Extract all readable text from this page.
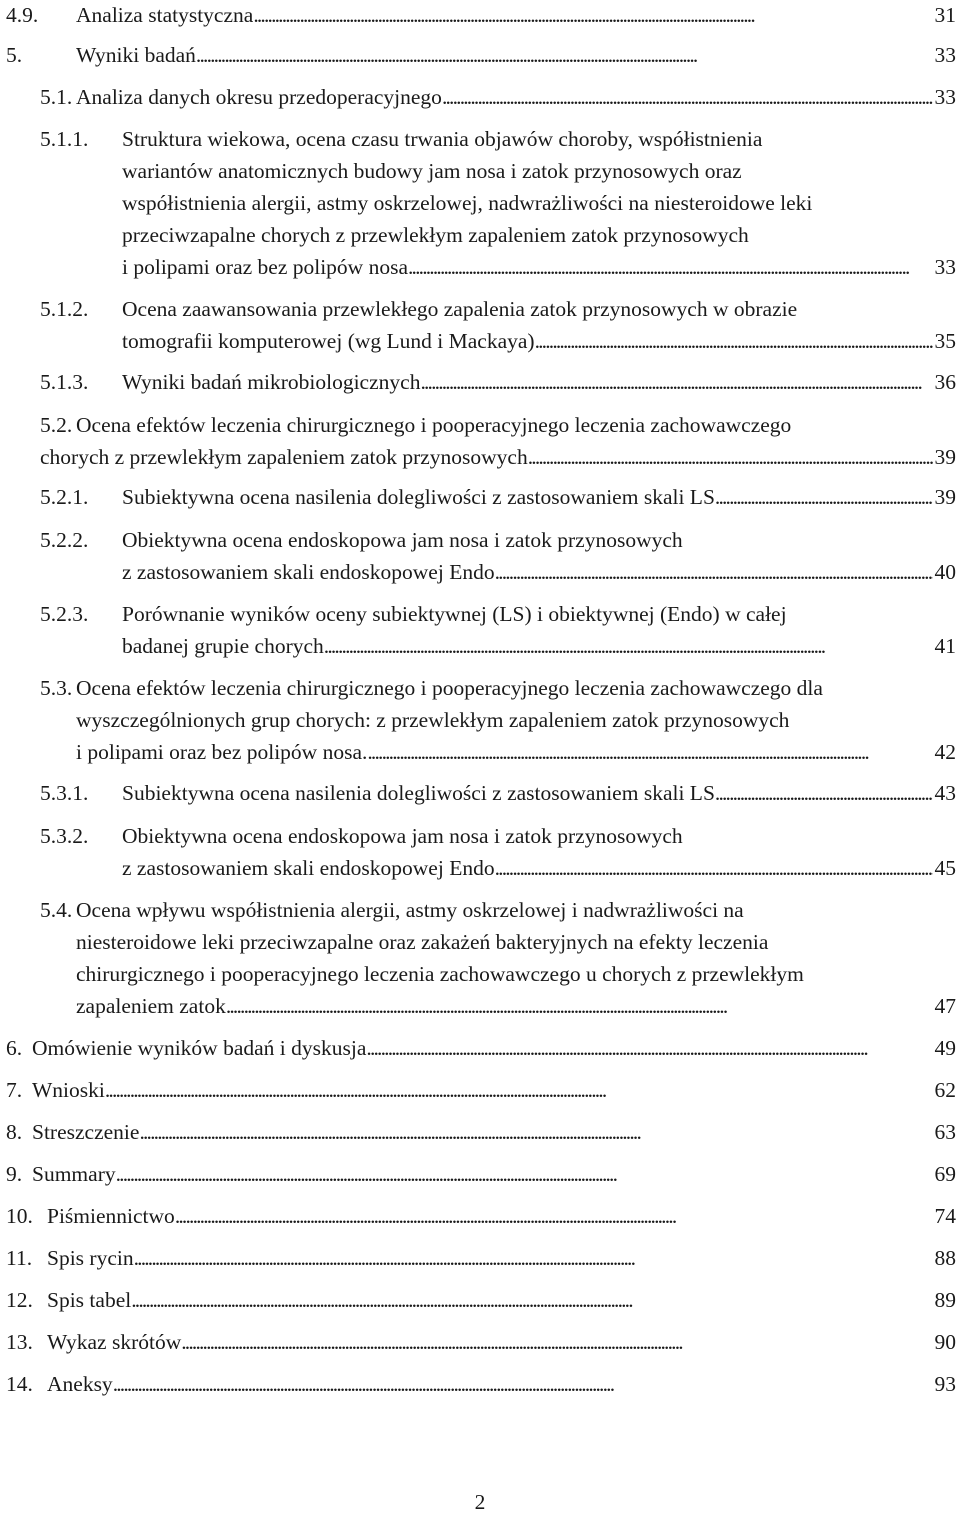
4.9.	Analiza statystyczna . . .	31
5.	Wyniki badań . . .	33
5.1. Analiza danych okresu przedoperacyjnego . . .	33
5.1.1.	Struktura wiekowa, ocena czasu trwania objawów choroby, współistnienia
wariantów anatomicznych budowy jam nosa i zatok przynosowych oraz
współistnienia alergii, astmy oskrzelowej, nadwrażliwości na niesteroidowe leki
przeciwzapalne chorych z przewlekłym zapaleniem zatok przynosowych
i polipami oraz bez polipów nosa . . .	33
5.1.2.	Ocena zaawansowania przewlekłego zapalenia zatok przynosowych w obrazie
tomografii komputerowej (wg Lund i Mackaya) . . .	35
5.1.3.	Wyniki badań mikrobiologicznych . . .	36
5.2. Ocena efektów leczenia chirurgicznego i pooperacyjnego leczenia zachowawczego
chorych z przewlekłym zapaleniem zatok przynosowych . . .	39
5.2.1.	Subiektywna ocena nasilenia dolegliwości z zastosowaniem skali LS . . .	39
5.2.2.	Obiektywna ocena endoskopowa jam nosa i zatok przynosowych
z zastosowaniem skali endoskopowej Endo . . .	40
5.2.3.	Porównanie wyników oceny subiektywnej (LS) i obiektywnej (Endo) w całej
badanej grupie chorych . . .	41
5.3. Ocena efektów leczenia chirurgicznego i pooperacyjnego leczenia zachowawczego dla
wyszczególnionych grup chorych: z przewlekłym zapaleniem zatok przynosowych
i polipami oraz bez polipów nosa. . . .	42
5.3.1.	Subiektywna ocena nasilenia dolegliwości z zastosowaniem skali LS . . .	43
5.3.2.	Obiektywna ocena endoskopowa jam nosa i zatok przynosowych
z zastosowaniem skali endoskopowej Endo . . .	45
5.4. Ocena wpływu współistnienia alergii, astmy oskrzelowej i nadwrażliwości na
niesteroidowe leki przeciwzapalne oraz zakażeń bakteryjnych na efekty leczenia
chirurgicznego i pooperacyjnego leczenia zachowawczego u chorych z przewlekłym
zapaleniem zatok . . .	47
6. Omówienie wyników badań i dyskusja . . .	49
7. Wnioski . . .	62
8. Streszczenie . . .	63
9. Summary . . .	69
10. Piśmiennictwo . . .	74
11. Spis rycin . . .	88
12. Spis tabel . . .	89
13. Wykaz skrótów . . .	90
14. Aneksy . . .	93
2
